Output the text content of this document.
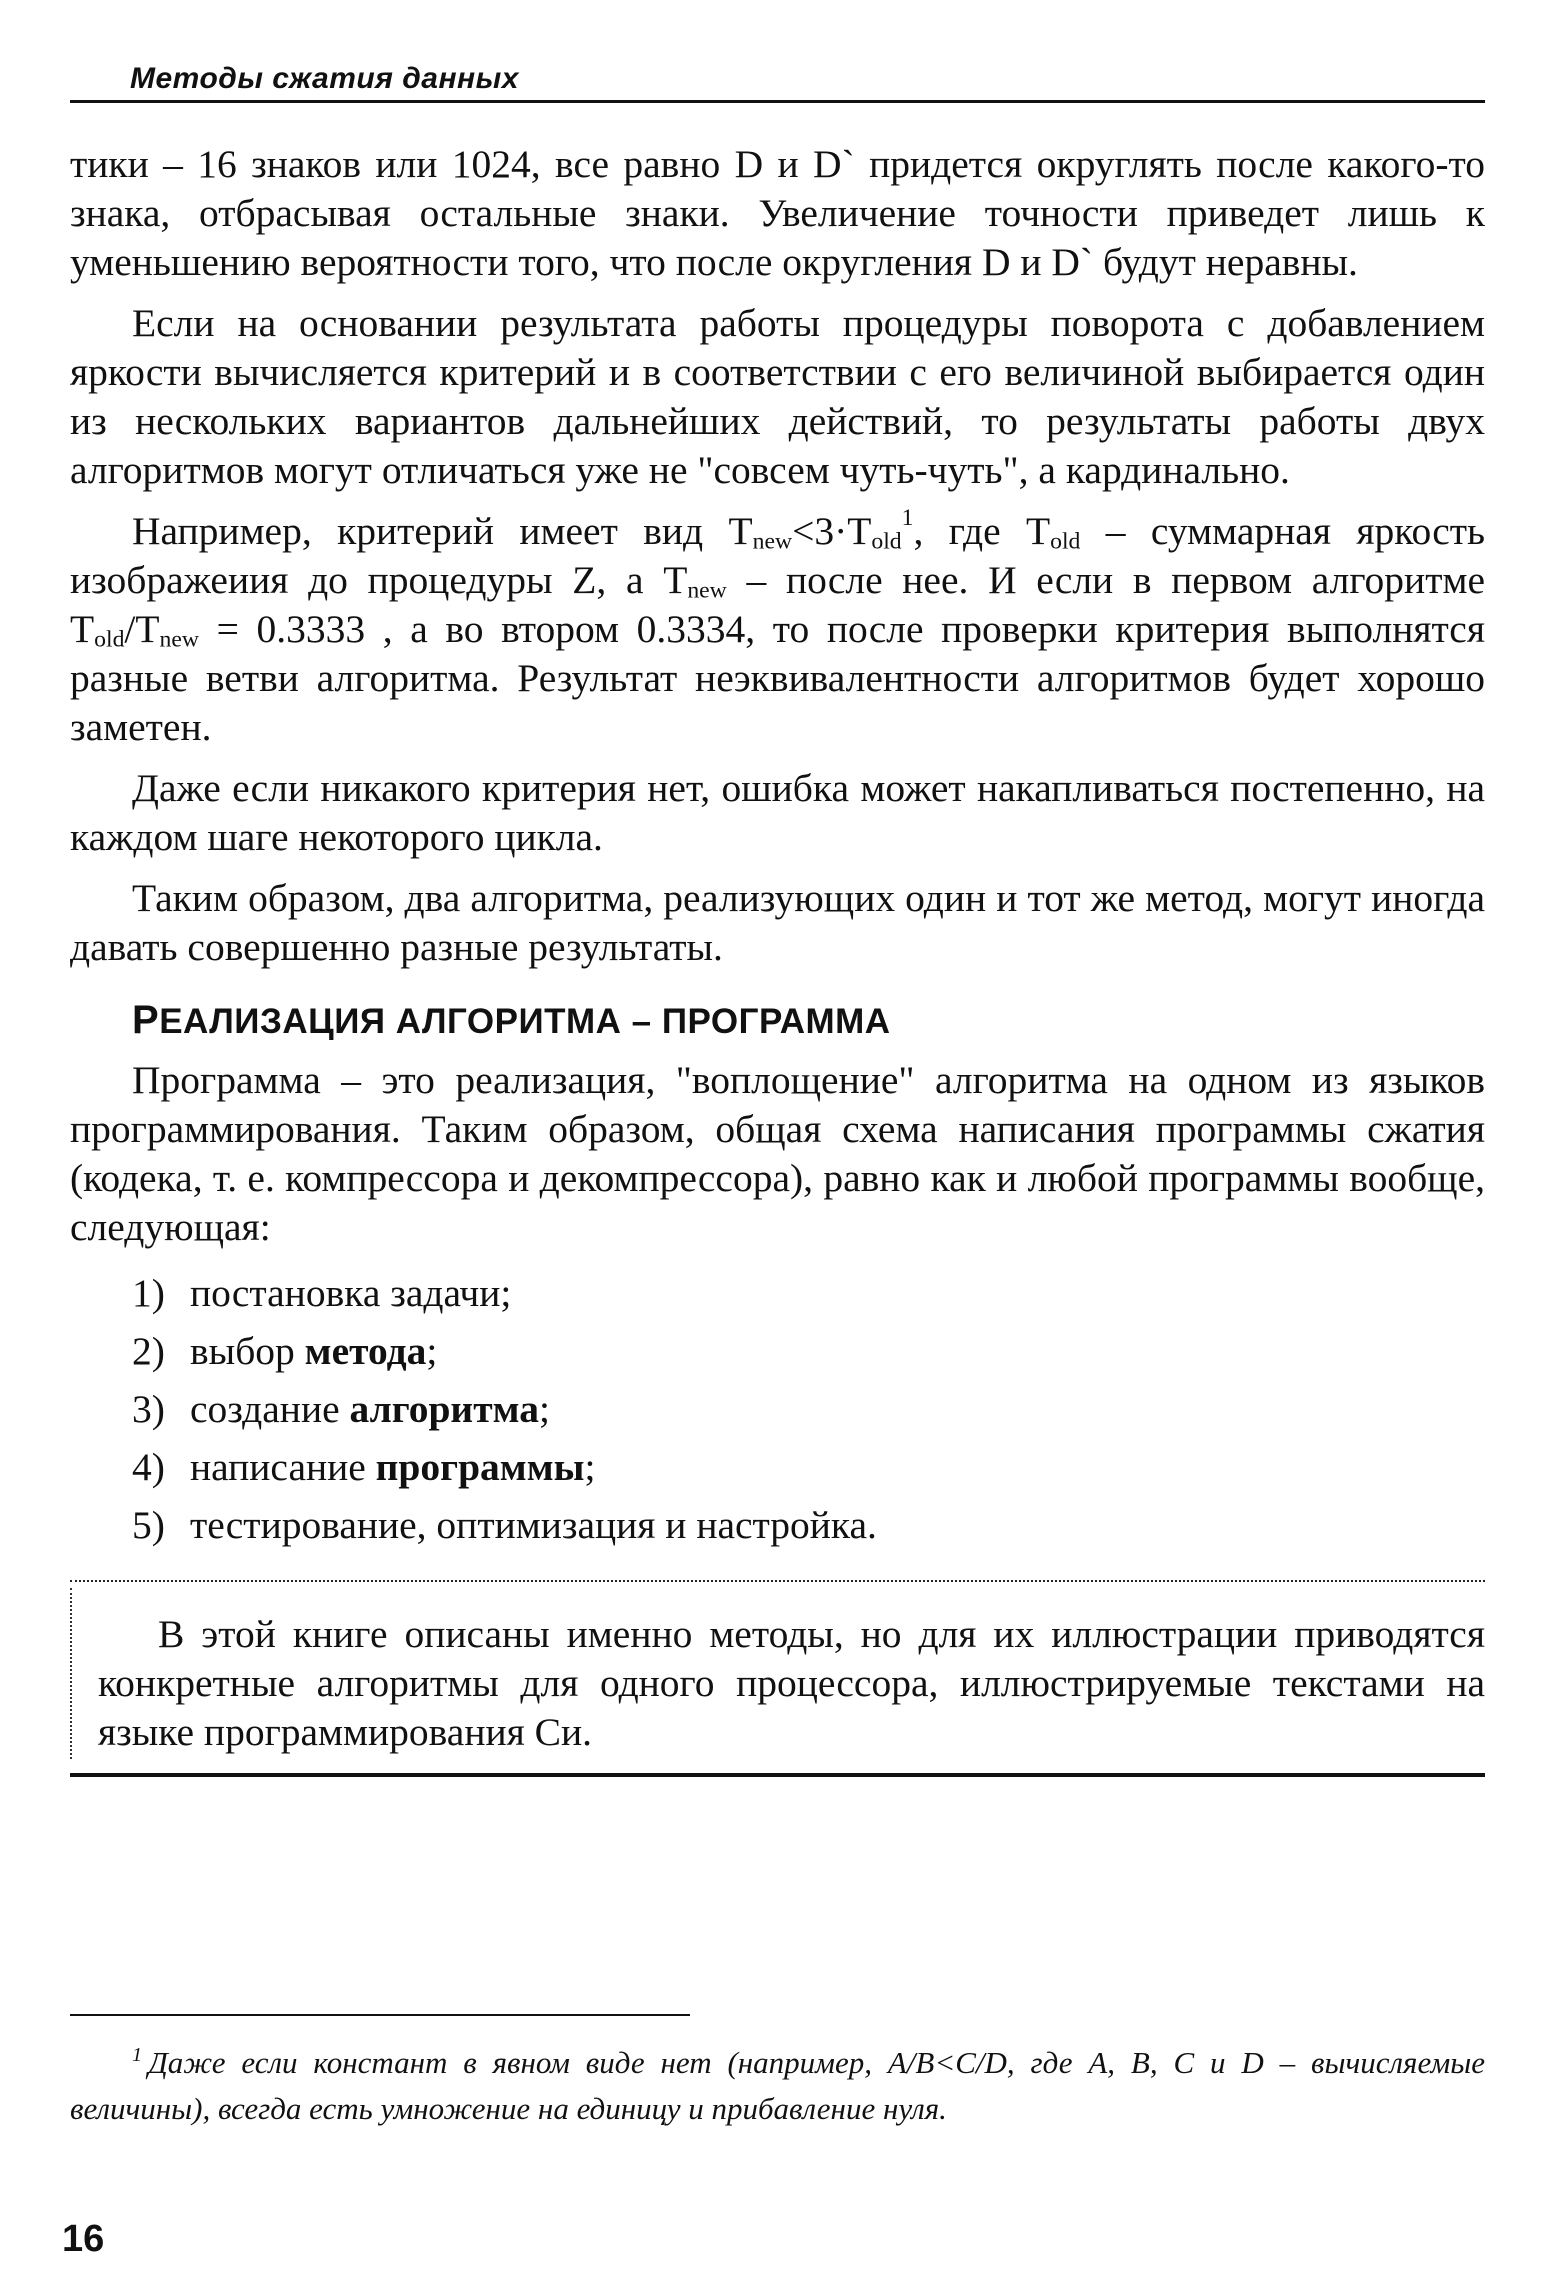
Методы сжатия данных

тики – 16 знаков или 1024, все равно D и D` придется округлять после какого-то знака, отбрасывая остальные знаки. Увеличение точности приведет лишь к уменьшению вероятности того, что после округления D и D` будут неравны.

Если на основании результата работы процедуры поворота с добавлением яркости вычисляется критерий и в соответствии с его величиной выбирается один из нескольких вариантов дальнейших действий, то результаты работы двух алгоритмов могут отличаться уже не "совсем чуть-чуть", а кардинально.

Например, критерий имеет вид $T_{new}<3\cdot T_{old}^1$, где $T_{old}$ – суммарная яркость изображеиия до процедуры Z, а $T_{new}$ – после нее. И если в первом алгоритме $T_{old}/T_{new} = 0.3333$ , а во втором 0.3334, то после проверки критерия выполнятся разные ветви алгоритма. Результат неэквивалентности алгоритмов будет хорошо заметен.

Даже если никакого критерия нет, ошибка может накапливаться постепенно, на каждом шаге некоторого цикла.

Таким образом, два алгоритма, реализующих один и тот же метод, могут иногда давать совершенно разные результаты.

РЕАЛИЗАЦИЯ АЛГОРИТМА – ПРОГРАММА

Программа – это реализация, "воплощение" алгоритма на одном из языков программирования. Таким образом, общая схема написания программы сжатия (кодека, т. е. компрессора и декомпрессора), равно как и любой программы вообще, следующая:

1) постановка задачи;
2) выбор метода;
3) создание алгоритма;
4) написание программы;
5) тестирование, оптимизация и настройка.

В этой книге описаны именно методы, но для их иллюстрации приводятся конкретные алгоритмы для одного процессора, иллюстрируемые текстами на языке программирования Си.

$^1$ Даже если констант в явном виде нет (например, A/B<C/D, где A, B, C и D – вычисляемые величины), всегда есть умножение на единицу и прибавление нуля.
16
